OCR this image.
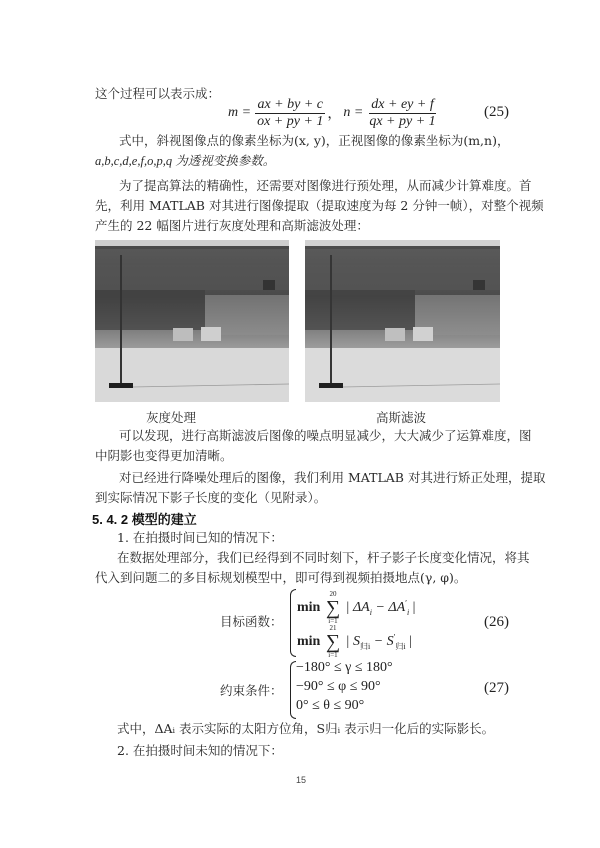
这个过程可以表示成：
$m = \frac{ax + by + c}{ox + py + 1}$ ， $n = \frac{dx + ey + f}{qx + py + 1}$	(25)
式中，斜视图像点的像素坐标为(x, y)，正视图像的像素坐标为(m,n)，
a,b,c,d,e,f,o,p,q 为透视变换参数。
为了提高算法的精确性，还需要对图像进行预处理，从而减少计算难度。首
先，利用 MATLAB 对其进行图像提取（提取速度为每 2 分钟一帧），对整个视频
产生的 22 幅图片进行灰度处理和高斯滤波处理：
灰度处理	高斯滤波
可以发现，进行高斯滤波后图像的噪点明显减少，大大减少了运算难度，图
中阴影也变得更加清晰。
对已经进行降噪处理后的图像，我们利用 MATLAB 对其进行矫正处理，提取
到实际情况下影子长度的变化（见附录）。
5. 4. 2 模型的建立
1. 在拍摄时间已知的情况下：
在数据处理部分，我们已经得到不同时刻下，杆子影子长度变化情况，将其
代入到问题二的多目标规划模型中，即可得到视频拍摄地点(γ, φ)。
目标函数：
min
20
∑
i=1
| $\Delta A_i - \Delta A'_i$ |
min
21
∑
i=1
| $S_{归i} - S'_{归i}$ |
(26)
约束条件：
−180° ≤ γ ≤ 180°
−90° ≤ φ ≤ 90°
0° ≤ θ ≤ 90°
(27)
式中，ΔAᵢ 表示实际的太阳方位角，S归ᵢ 表示归一化后的实际影长。
2. 在拍摄时间未知的情况下：
15
